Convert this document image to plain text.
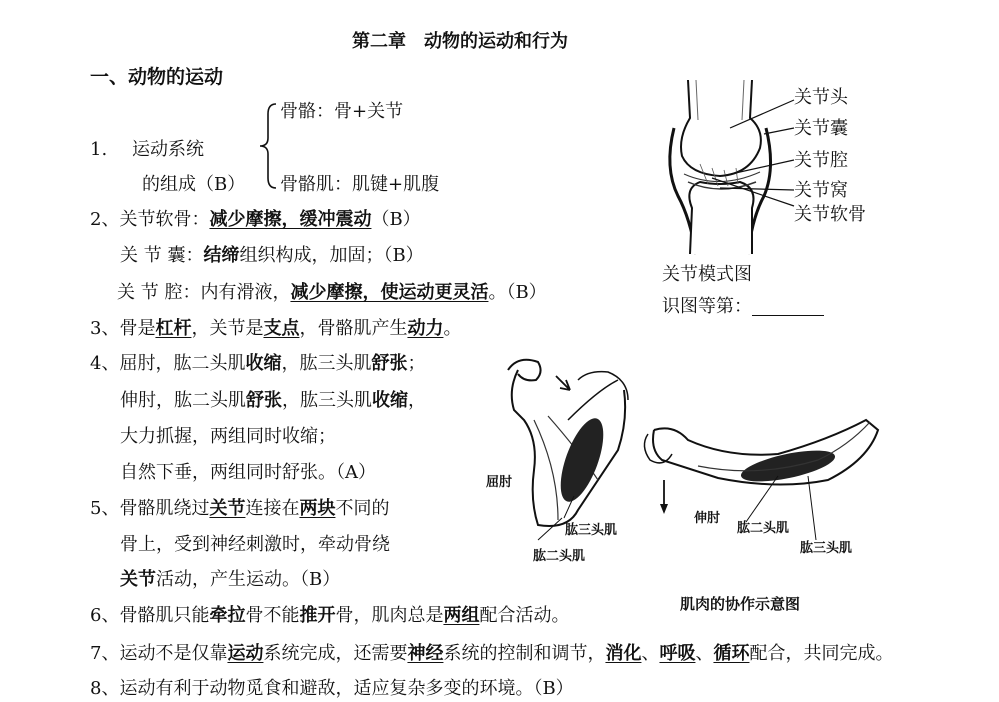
第二章　动物的运动和行为
一、动物的运动
1. 运动系统
的组成（B）
骨骼：骨+关节
骨骼肌：肌键+肌腹
2、关节软骨：减少摩擦，缓冲震动（B）
关 节 囊：结缔组织构成，加固；（B）
关 节 腔：内有滑液，减少摩擦，使运动更灵活。（B）
3、骨是杠杆，关节是支点，骨骼肌产生动力。
4、屈肘，肱二头肌收缩，肱三头肌舒张；
伸肘，肱二头肌舒张，肱三头肌收缩，
大力抓握，两组同时收缩；
自然下垂，两组同时舒张。（A）
5、骨骼肌绕过关节连接在两块不同的
骨上，受到神经刺激时，牵动骨绕
关节活动，产生运动。（B）
6、骨骼肌只能牵拉骨不能推开骨，肌肉总是两组配合活动。
7、运动不是仅靠运动系统完成，还需要神经系统的控制和调节，消化、呼吸、循环配合，共同完成。
8、运动有利于动物觅食和避敌，适应复杂多变的环境。（B）
关节头
关节囊
关节腔
关节窝
关节软骨
关节模式图
识图等第：
屈肘
肱三头肌
肱二头肌
伸肘
肱二头肌
肱三头肌
肌肉的协作示意图
